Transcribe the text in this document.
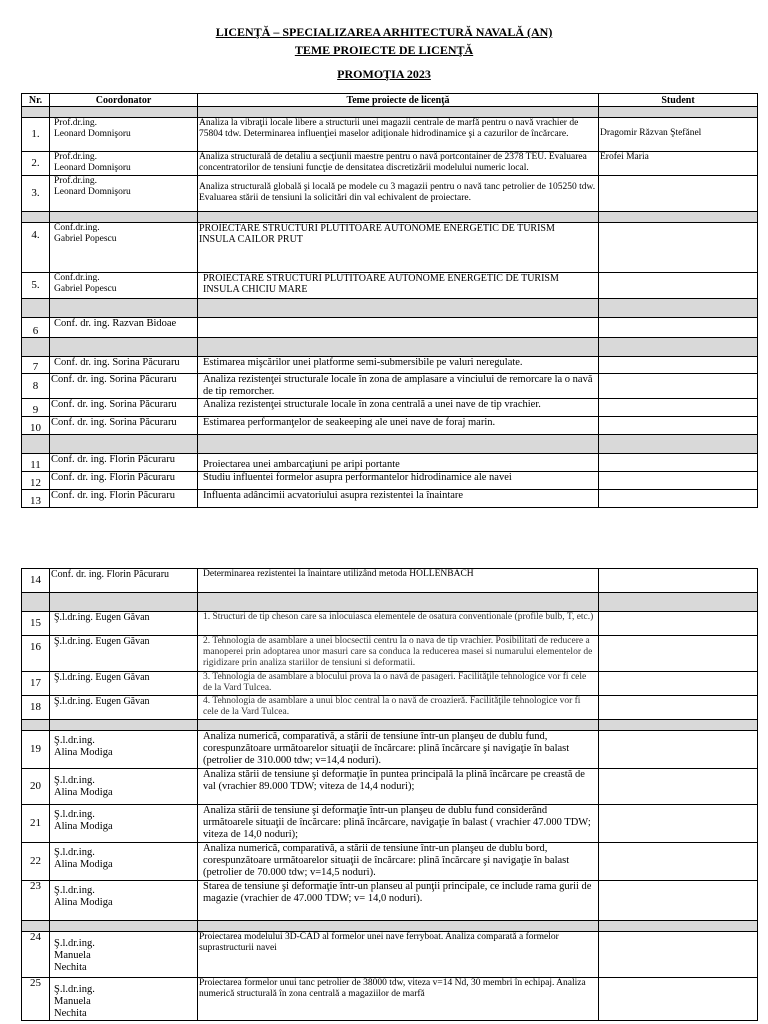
LICENŢĂ – SPECIALIZAREA ARHITECTURĂ NAVALĂ (AN)
TEME PROIECTE DE LICENŢĂ
PROMOŢIA 2023
Nr.	Coordonator	Teme proiecte de licenţă	Student

1.	Prof.dr.ing.
Leonard Domnişoru	Analiza la vibraţii locale libere a structurii unei magazii centrale de marfă pentru o navă vrachier de 75804 tdw. Determinarea influenţiei maselor adiţionale hidrodinamice şi a cazurilor de încărcare.	Dragomir Răzvan Ştefănel
2.	Prof.dr.ing.
Leonard Domnişoru	Analiza structurală de detaliu a secţiunii maestre pentru o navă portcontainer de 2378 TEU. Evaluarea concentratorilor de tensiuni funcţie de densitatea discretizării modelului numeric local.	Erofei Maria
3.	Prof.dr.ing.
Leonard Domnişoru	Analiza structurală globală şi locală pe modele cu 3 magazii pentru o navă tanc petrolier de 105250 tdw. Evaluarea stării de tensiuni la solicitări din val echivalent de proiectare.	

4.	Conf.dr.ing.
Gabriel Popescu	PROIECTARE STRUCTURI PLUTITOARE AUTONOME ENERGETIC DE TURISM
INSULA CAILOR PRUT	
5.	Conf.dr.ing.
Gabriel Popescu	PROIECTARE STRUCTURI PLUTITOARE AUTONOME ENERGETIC DE TURISM
INSULA CHICIU MARE	

6	Conf. dr. ing. Razvan Bidoae		

7	Conf. dr. ing. Sorina Păcuraru	Estimarea mişcărilor unei platforme semi-submersibile pe valuri neregulate.	
8	Conf. dr. ing. Sorina Păcuraru	Analiza rezistenţei structurale locale în zona de amplasare a vinciului de remorcare la o navă de tip remorcher.	
9	Conf. dr. ing. Sorina Păcuraru	Analiza rezistenţei structurale locale în zona centrală a unei nave de tip vrachier.	
10	Conf. dr. ing. Sorina Păcuraru	Estimarea performanţelor de seakeeping ale unei nave de foraj marin.	

11	Conf. dr. ing. Florin Pãcuraru	Proiectarea unei ambarcaţiuni pe aripi portante	
12	Conf. dr. ing. Florin Pãcuraru	Studiu influentei formelor asupra performantelor hidrodinamice ale navei	
13	Conf. dr. ing. Florin Pãcuraru	Influenta adâncimii acvatoriului asupra rezistentei la înaintare	
14	Conf. dr. ing. Florin Pãcuraru	Determinarea rezistentei la înaintare utilizând metoda HOLLENBACH	

15	Ş.l.dr.ing. Eugen Găvan	1. Structuri de tip cheson care sa inlocuiasca elementele de osatura conventionale (profile bulb, T, etc.)	
16	Ş.l.dr.ing. Eugen Găvan	2. Tehnologia de asamblare a unei blocsectii centru la o nava de tip vrachier. Posibilitati de reducere a manoperei prin adoptarea unor masuri care sa conduca la reducerea masei si numarului elementelor de rigidizare prin analiza stariilor de tensiuni si deformatii.	
17	Ş.l.dr.ing. Eugen Găvan	3. Tehnologia de asamblare a blocului prova la o navă de pasageri. Facilităţile tehnologice vor fi cele de la Vard Tulcea.	
18	Ş.l.dr.ing. Eugen Găvan	4. Tehnologia de asamblare a unui bloc central la o navă de croazieră. Facilităţile tehnologice vor fi cele de la Vard Tulcea.	

19	Ş.l.dr.ing.
Alina Modiga	Analiza numerică, comparativă, a stării de tensiune într-un planşeu de dublu fund, corespunzătoare următoarelor situaţii de încărcare: plină încărcare şi navigaţie în balast (petrolier de 310.000 tdw; v=14,4 noduri).	
20	Ş.l.dr.ing.
Alina Modiga	Analiza stării de tensiune şi deformaţie în puntea principală la plină încărcare pe creastă de val (vrachier 89.000 TDW; viteza de 14,4 noduri);	
21	Ş.l.dr.ing.
Alina Modiga	Analiza stării de tensiune şi deformaţie într-un planşeu de dublu fund considerând următoarele situaţii de încărcare: plină încărcare, navigaţie în balast ( vrachier 47.000 TDW; viteza de 14,0 noduri);	
22	Ş.l.dr.ing.
Alina Modiga	Analiza numerică, comparativă, a stării de tensiune într-un planşeu de dublu bord, corespunzătoare următoarelor situaţii de încărcare: plină încărcare şi navigaţie în balast (petrolier de 70.000 tdw; v=14,5 noduri).	
23	Ş.l.dr.ing.
Alina Modiga	Starea de tensiune şi deformaţie într-un planseu al punţii principale, ce include rama gurii de magazie (vrachier de 47.000 TDW; v= 14,0 noduri).	

24	Ş.l.dr.ing.
Manuela
Nechita	Proiectarea modelului 3D-CAD al formelor unei nave ferryboat. Analiza comparată a formelor suprastructurii navei	
25	Ş.l.dr.ing.
Manuela
Nechita	Proiectarea formelor unui tanc petrolier de 38000 tdw, viteza v=14 Nd, 30 membri în echipaj. Analiza numerică structurală în zona centrală a magaziilor de marfă	
